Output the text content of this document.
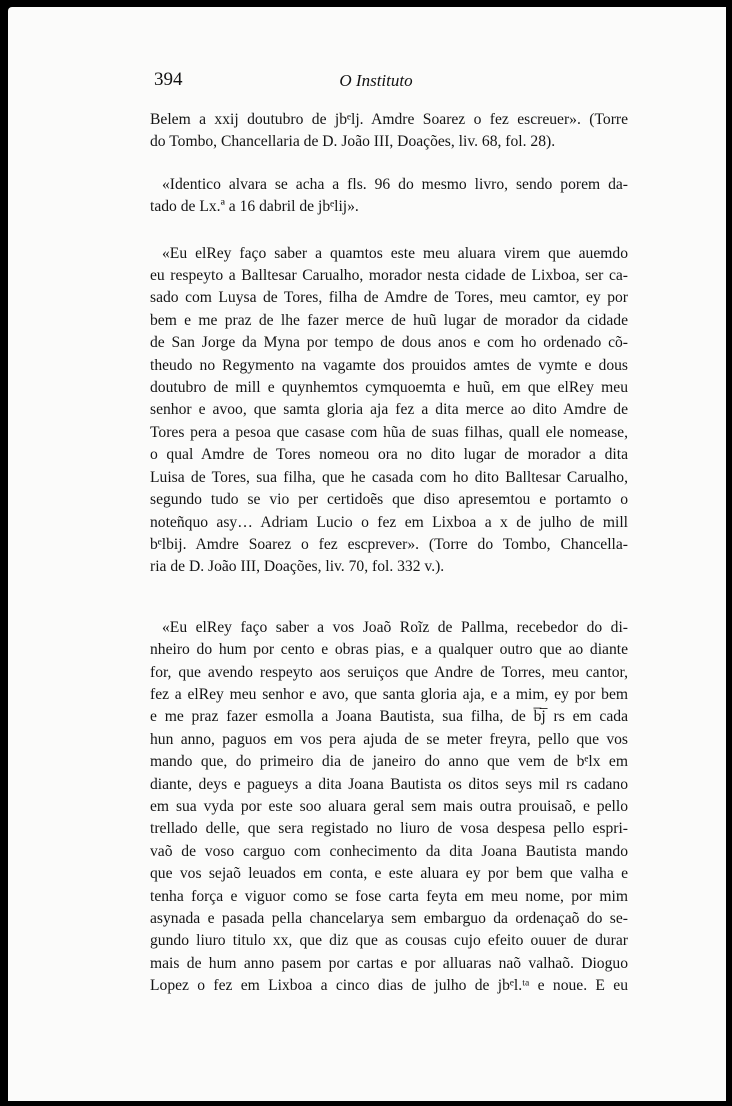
394	O Instituto
Belem a xxij doutubro de jbᵉlj. Amdre Soarez o fez escreuer». (Torre
do Tombo, Chancellaria de D. João III, Doações, liv. 68, fol. 28).
«Identico alvara se acha a fls. 96 do mesmo livro, sendo porem da-
tado de Lx.ª a 16 dabril de jbᵉlij».
«Eu elRey faço saber a quamtos este meu aluara virem que auemdo
eu respeyto a Balltesar Carualho, morador nesta cidade de Lixboa, ser ca-
sado com Luysa de Tores, filha de Amdre de Tores, meu camtor, ey por
bem e me praz de lhe fazer merce de huũ lugar de morador da cidade
de San Jorge da Myna por tempo de dous anos e com ho ordenado cõ-
theudo no Regymento na vagamte dos prouidos amtes de vymte e dous
doutubro de mill e quynhemtos cymquoemta e huũ, em que elRey meu
senhor e avoo, que samta gloria aja fez a dita merce ao dito Amdre de
Tores pera a pesoa que casase com hũa de suas filhas, quall ele nomease,
o qual Amdre de Tores nomeou ora no dito lugar de morador a dita
Luisa de Tores, sua filha, que he casada com ho dito Balltesar Carualho,
segundo tudo se vio per certidoẽs que diso apresemtou e portamto o
noteñquo asy… Adriam Lucio o fez em Lixboa a x de julho de mill
bᵉlbij. Amdre Soarez o fez escprever». (Torre do Tombo, Chancella-
ria de D. João III, Doações, liv. 70, fol. 332 v.).
«Eu elRey faço saber a vos Joaõ Roĩz de Pallma, recebedor do di-
nheiro do hum por cento e obras pias, e a qualquer outro que ao diante
for, que avendo respeyto aos seruiços que Andre de Torres, meu cantor,
fez a elRey meu senhor e avo, que santa gloria aja, e a mim, ey por bem
e me praz fazer esmolla a Joana Bautista, sua filha, de b̅j̅ rs em cada
hun anno, paguos em vos pera ajuda de se meter freyra, pello que vos
mando que, do primeiro dia de janeiro do anno que vem de bᵉlx em
diante, deys e pagueys a dita Joana Bautista os ditos seys mil rs cadano
em sua vyda por este soo aluara geral sem mais outra prouisaõ, e pello
trellado delle, que sera registado no liuro de vosa despesa pello espri-
vaõ de voso carguo com conhecimento da dita Joana Bautista mando
que vos sejaõ leuados em conta, e este aluara ey por bem que valha e
tenha força e viguor como se fose carta feyta em meu nome, por mim
asynada e pasada pella chancelarya sem embarguo da ordenaçaõ do se-
gundo liuro titulo xx, que diz que as cousas cujo efeito ouuer de durar
mais de hum anno pasem por cartas e por alluaras naõ valhaõ. Dioguo
Lopez o fez em Lixboa a cinco dias de julho de jbᵉl.ᵗᵃ e noue. E eu
